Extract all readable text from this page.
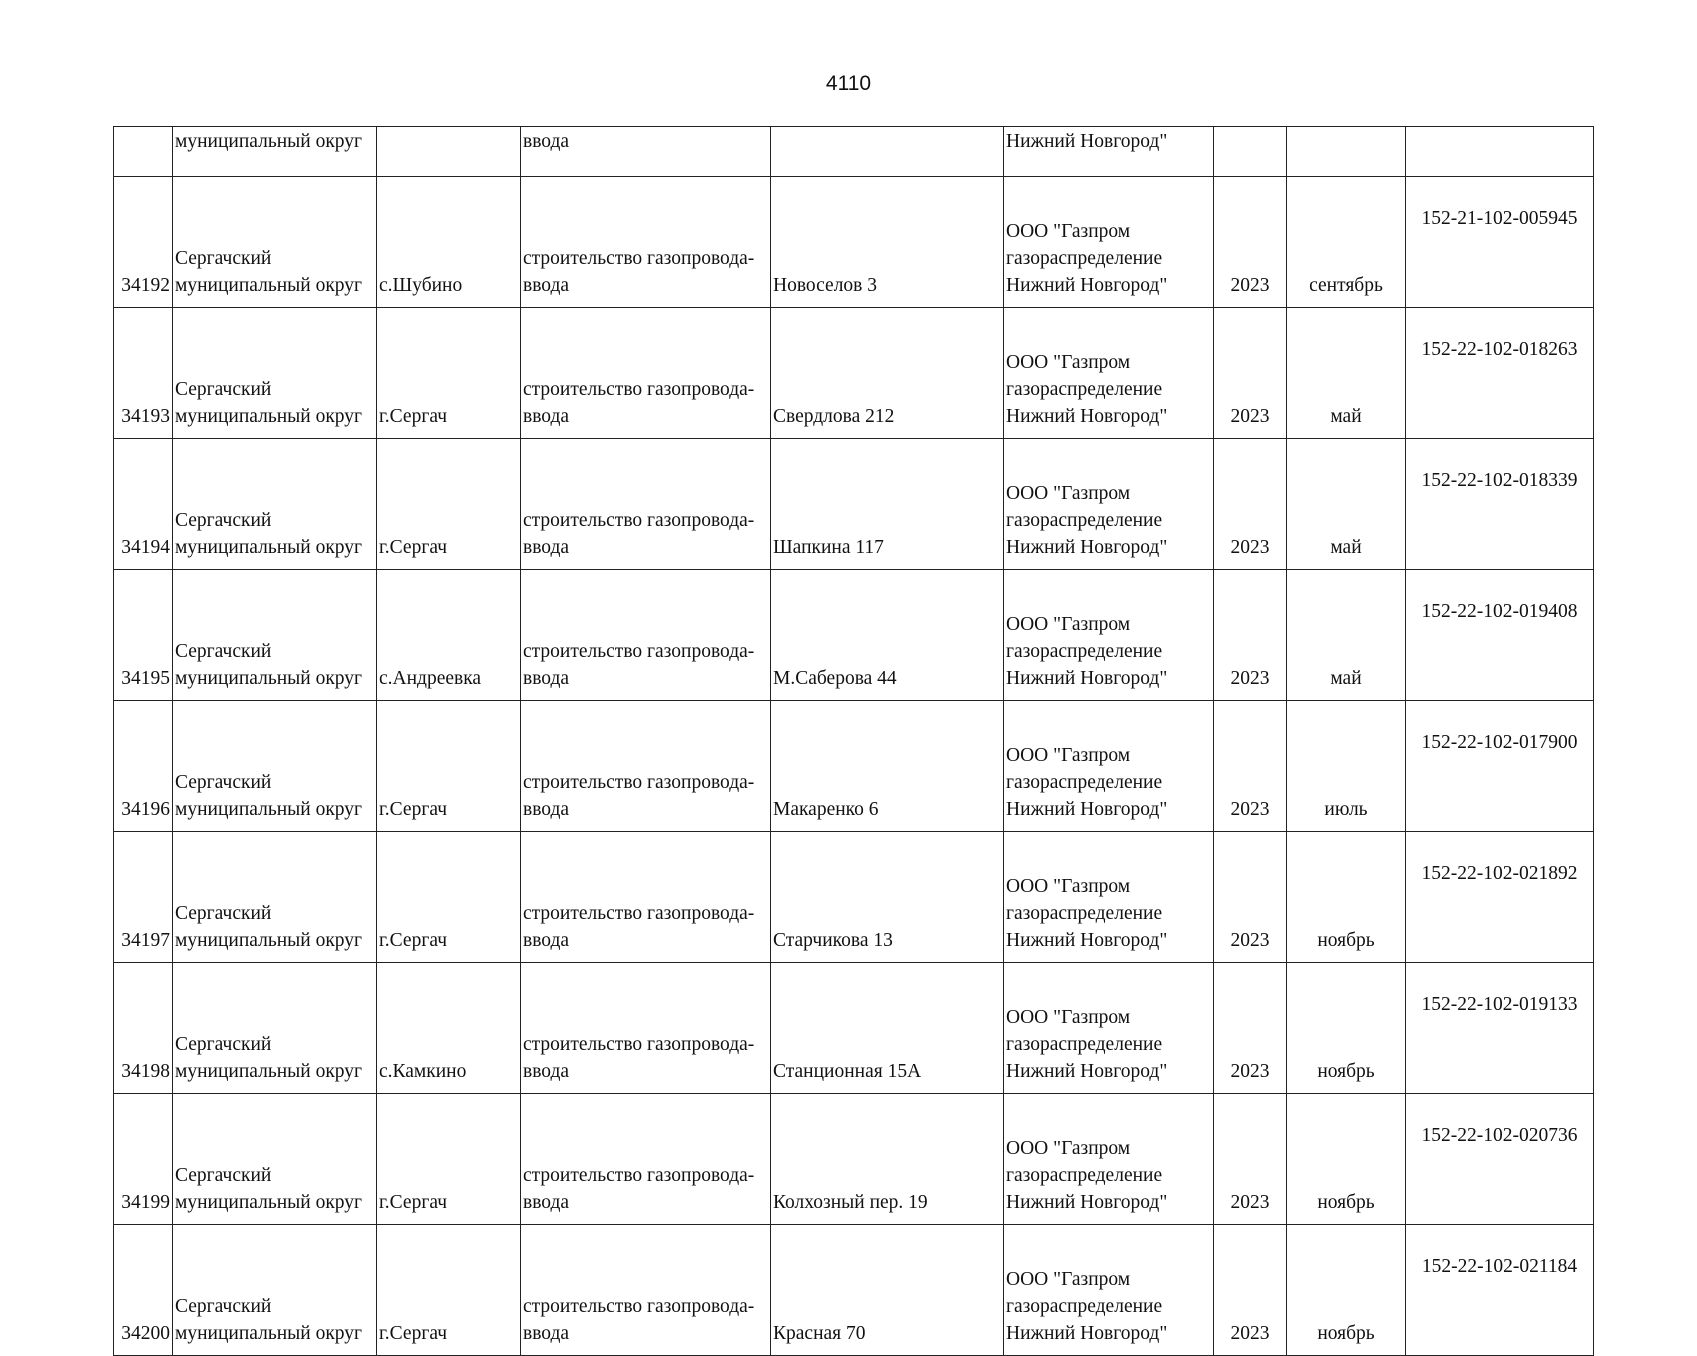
4110
	муниципальный округ		ввода		Нижний Новгород"			

34192	Сергачский
муниципальный округ	с.Шубино	строительство газопровода-
ввода	Новоселов 3	ООО "Газпром
газораспределение
Нижний Новгород"	2023	сентябрь	152-21-102-005945

34193	Сергачский
муниципальный округ	г.Сергач	строительство газопровода-
ввода	Свердлова 212	ООО "Газпром
газораспределение
Нижний Новгород"	2023	май	152-22-102-018263

34194	Сергачский
муниципальный округ	г.Сергач	строительство газопровода-
ввода	Шапкина 117	ООО "Газпром
газораспределение
Нижний Новгород"	2023	май	152-22-102-018339

34195	Сергачский
муниципальный округ	с.Андреевка	строительство газопровода-
ввода	М.Саберова 44	ООО "Газпром
газораспределение
Нижний Новгород"	2023	май	152-22-102-019408

34196	Сергачский
муниципальный округ	г.Сергач	строительство газопровода-
ввода	Макаренко 6	ООО "Газпром
газораспределение
Нижний Новгород"	2023	июль	152-22-102-017900

34197	Сергачский
муниципальный округ	г.Сергач	строительство газопровода-
ввода	Старчикова 13	ООО "Газпром
газораспределение
Нижний Новгород"	2023	ноябрь	152-22-102-021892

34198	Сергачский
муниципальный округ	с.Камкино	строительство газопровода-
ввода	Станционная 15А	ООО "Газпром
газораспределение
Нижний Новгород"	2023	ноябрь	152-22-102-019133

34199	Сергачский
муниципальный округ	г.Сергач	строительство газопровода-
ввода	Колхозный пер. 19	ООО "Газпром
газораспределение
Нижний Новгород"	2023	ноябрь	152-22-102-020736

34200	Сергачский
муниципальный округ	г.Сергач	строительство газопровода-
ввода	Красная 70	ООО "Газпром
газораспределение
Нижний Новгород"	2023	ноябрь	152-22-102-021184
